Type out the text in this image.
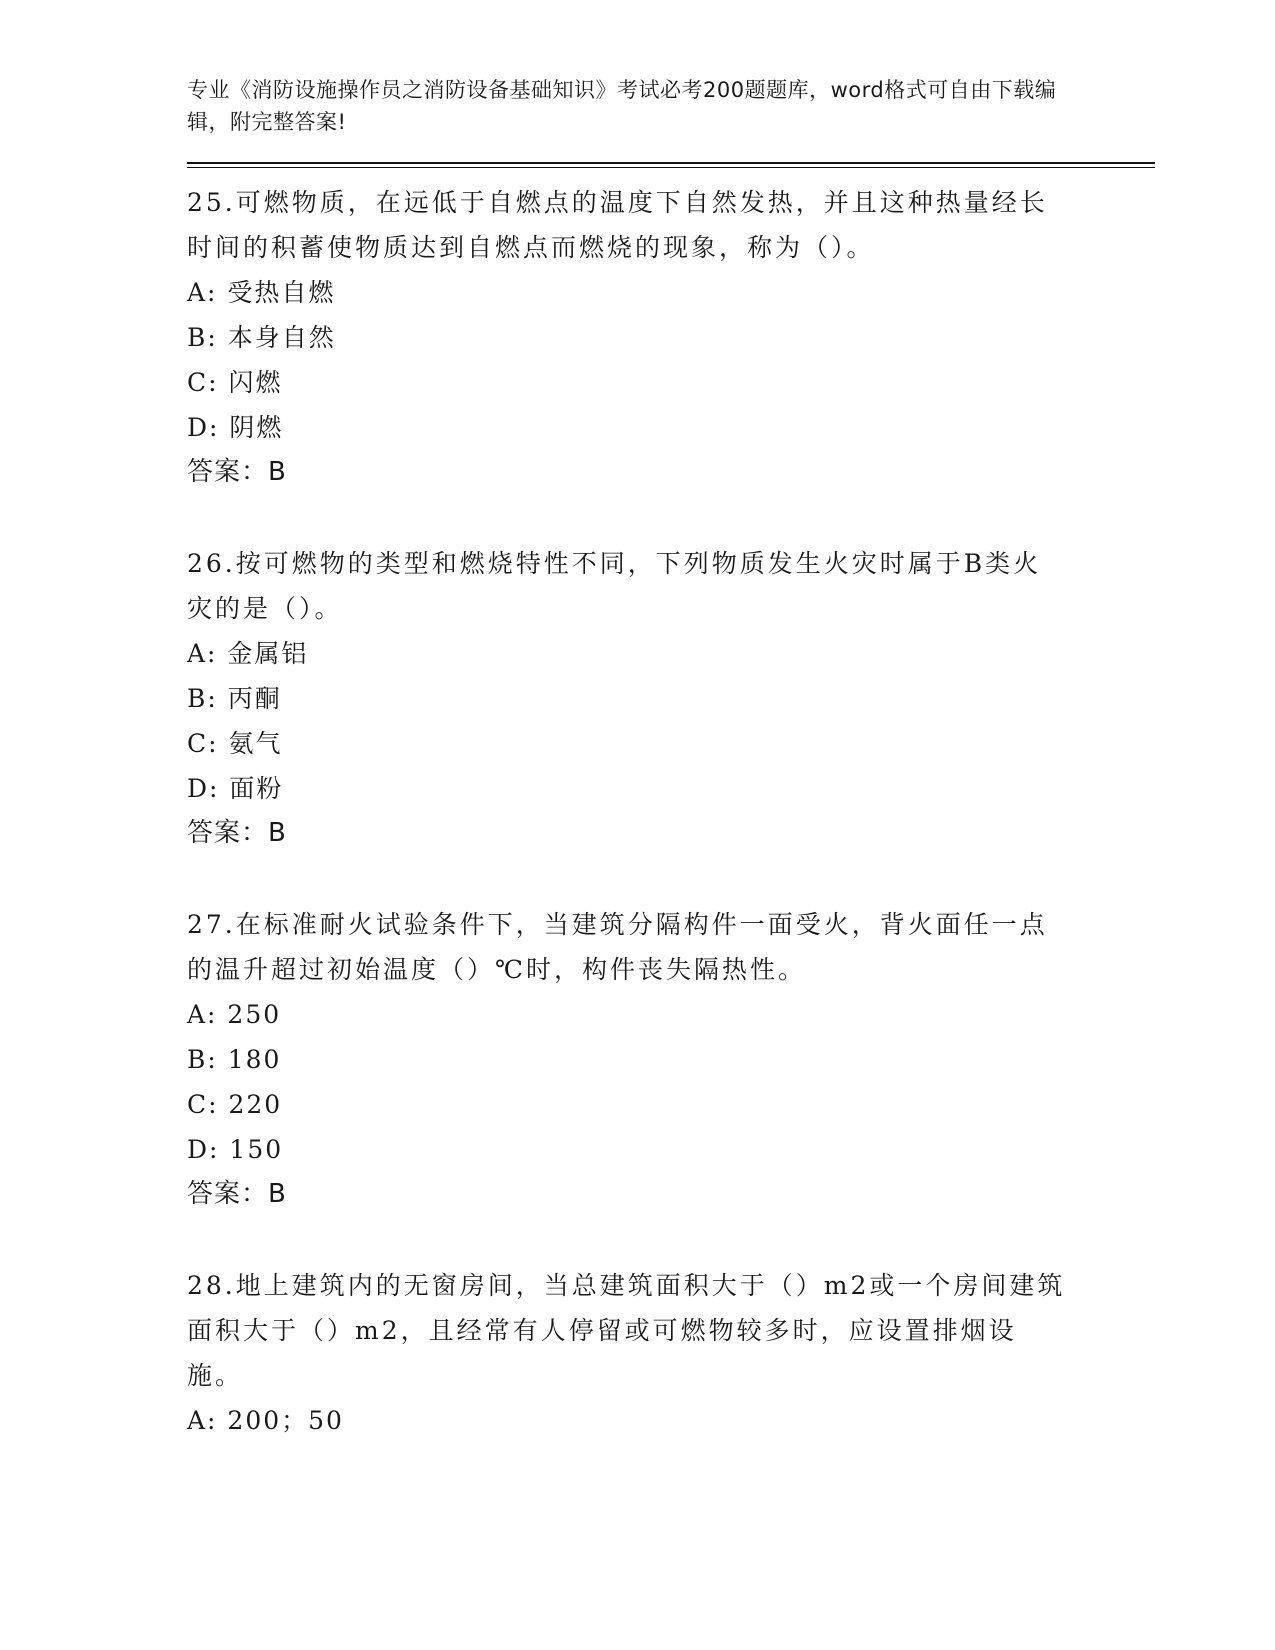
专业《消防设施操作员之消防设备基础知识》考试必考200题题库，word格式可自由下载编辑，附完整答案!
25.可燃物质，在远低于自燃点的温度下自然发热，并且这种热量经长时间的积蓄使物质达到自燃点而燃烧的现象，称为（）。
A: 受热自燃
B: 本身自然
C: 闪燃
D: 阴燃
答案：B
26.按可燃物的类型和燃烧特性不同，下列物质发生火灾时属于B类火灾的是（）。
A: 金属铝
B: 丙酮
C: 氨气
D: 面粉
答案：B
27.在标准耐火试验条件下，当建筑分隔构件一面受火，背火面任一点的温升超过初始温度（）℃时，构件丧失隔热性。
A: 250
B: 180
C: 220
D: 150
答案：B
28.地上建筑内的无窗房间，当总建筑面积大于（）m2或一个房间建筑面积大于（）m2，且经常有人停留或可燃物较多时，应设置排烟设施。
A: 200；50
